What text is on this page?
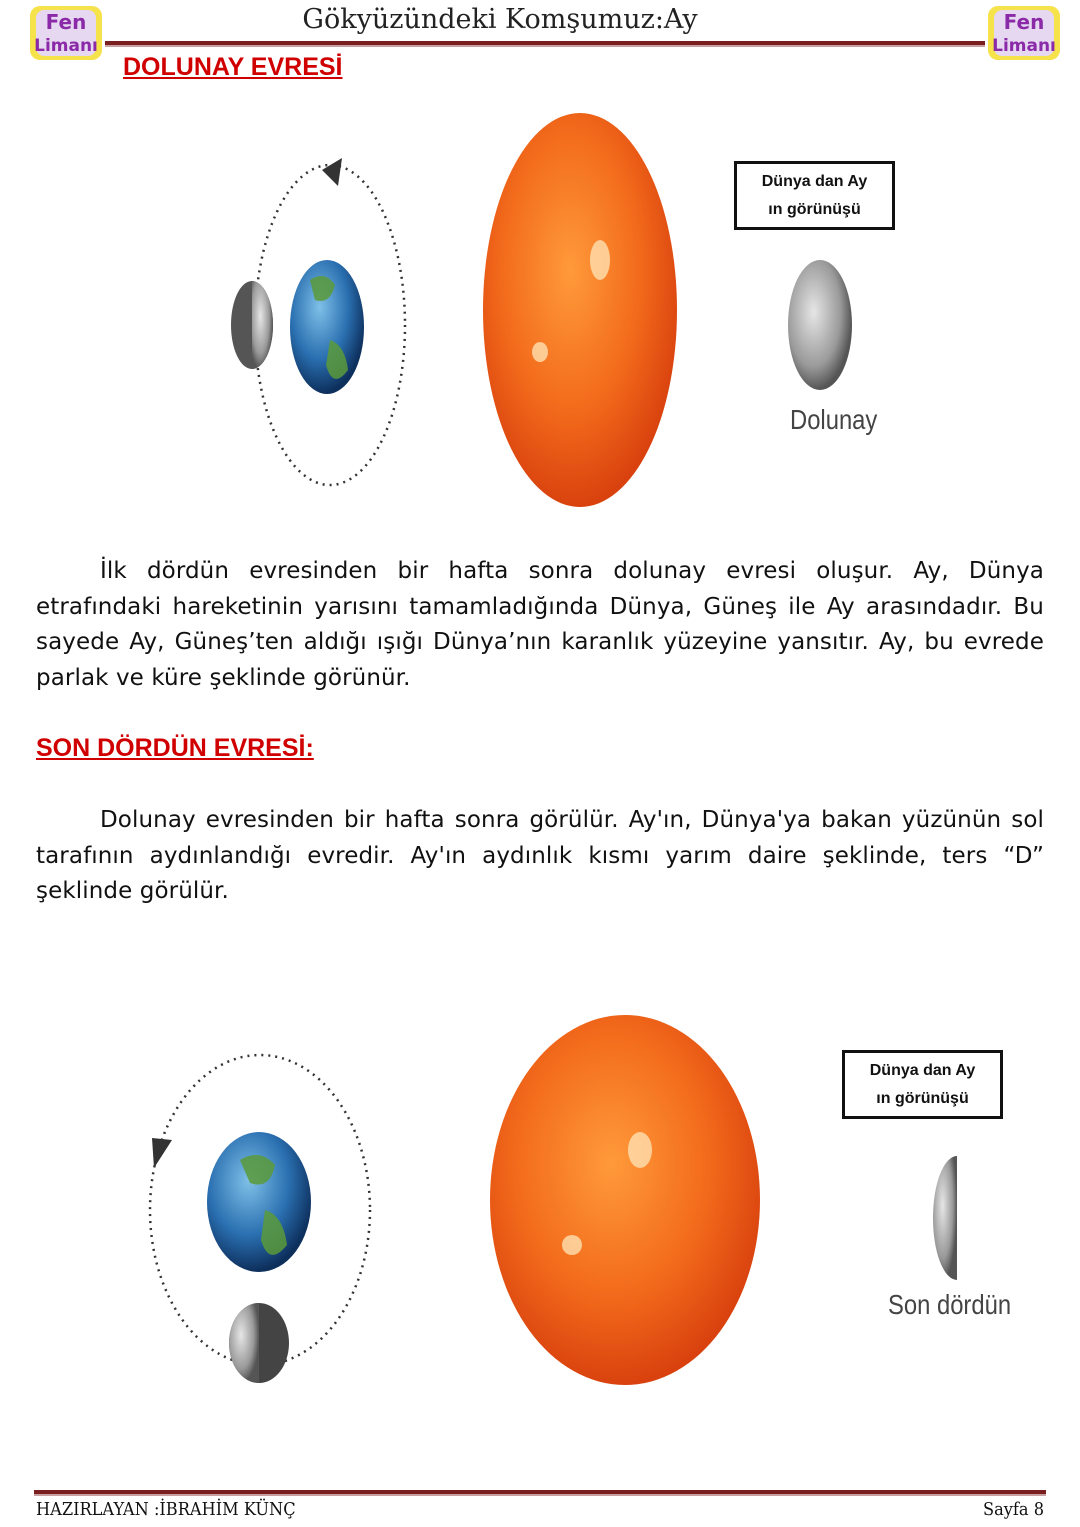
Fen
Limanı
Fen
Limanı
Gökyüzündeki Komşumuz:Ay
DOLUNAY EVRESİ
Dünya dan Ay
ın görünüşü
Dolunay
İlk dördün evresinden bir hafta sonra dolunay evresi oluşur. Ay, Dünya etrafındaki hareketinin yarısını tamamladığında Dünya, Güneş ile Ay arasındadır. Bu sayede Ay, Güneş’ten aldığı ışığı Dünya’nın karanlık yüzeyine yansıtır. Ay, bu evrede parlak ve küre şeklinde görünür.
SON DÖRDÜN EVRESİ:
Dolunay evresinden bir hafta sonra görülür. Ay'ın, Dünya'ya bakan yüzünün sol tarafının aydınlandığı evredir. Ay'ın aydınlık kısmı yarım daire şeklinde, ters “D” şeklinde görülür.
Dünya dan Ay
ın görünüşü
Son dördün
HAZIRLAYAN :İBRAHİM KÜNÇ	Sayfa 8
